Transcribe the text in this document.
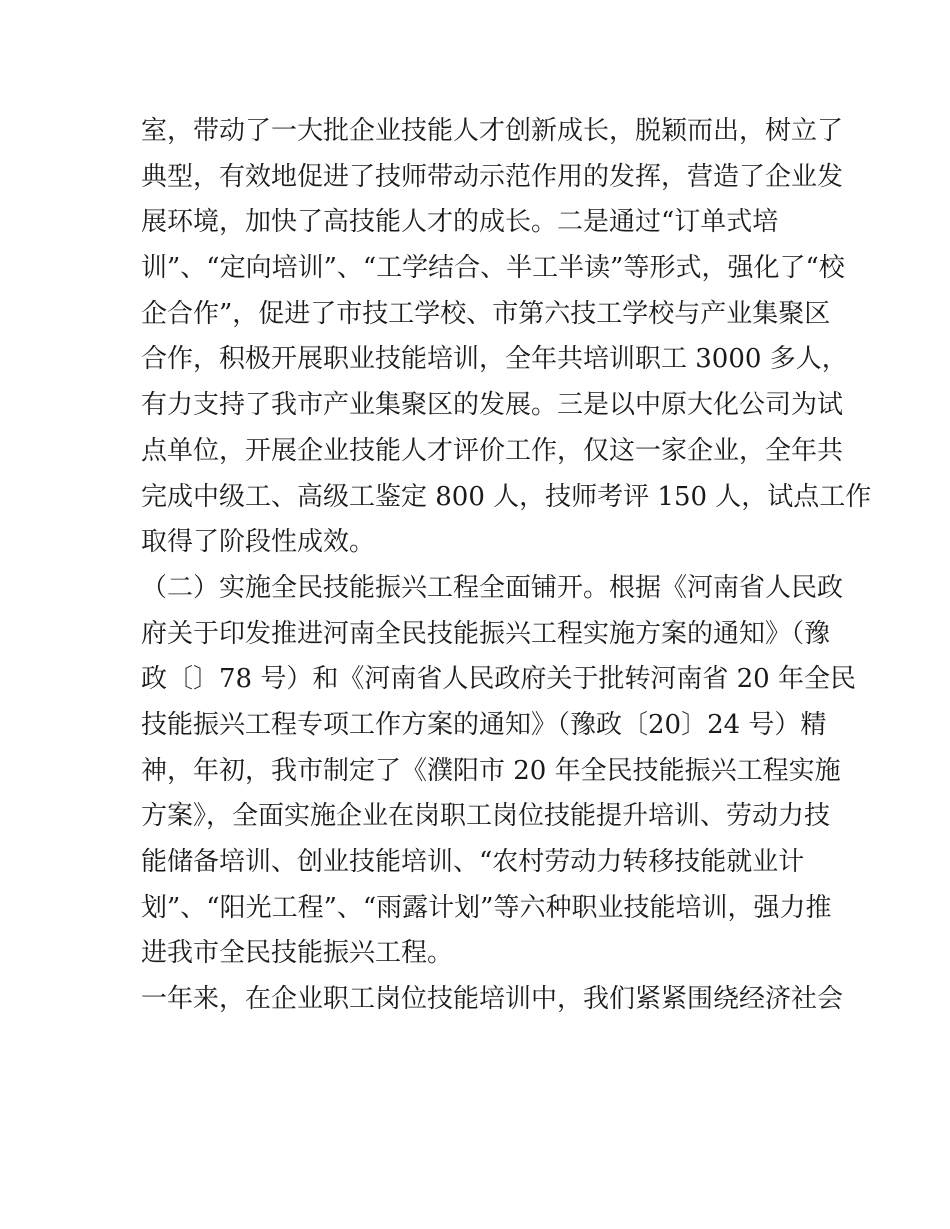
室，带动了一大批企业技能人才创新成长，脱颖而出，树立了
典型，有效地促进了技师带动示范作用的发挥，营造了企业发
展环境，加快了高技能人才的成长。二是通过“订单式培
训”、“定向培训”、“工学结合、半工半读”等形式，强化了“校
企合作”，促进了市技工学校、市第六技工学校与产业集聚区
合作，积极开展职业技能培训，全年共培训职工 3000 多人，
有力支持了我市产业集聚区的发展。三是以中原大化公司为试
点单位，开展企业技能人才评价工作，仅这一家企业，全年共
完成中级工、高级工鉴定 800 人，技师考评 150 人，试点工作
取得了阶段性成效。
（二）实施全民技能振兴工程全面铺开。根据《河南省人民政
府关于印发推进河南全民技能振兴工程实施方案的通知》（豫
政〔〕78 号）和《河南省人民政府关于批转河南省 20 年全民
技能振兴工程专项工作方案的通知》（豫政〔20〕24 号）精
神，年初，我市制定了《濮阳市 20 年全民技能振兴工程实施
方案》，全面实施企业在岗职工岗位技能提升培训、劳动力技
能储备培训、创业技能培训、“农村劳动力转移技能就业计
划”、“阳光工程”、“雨露计划”等六种职业技能培训，强力推
进我市全民技能振兴工程。
一年来，在企业职工岗位技能培训中，我们紧紧围绕经济社会
